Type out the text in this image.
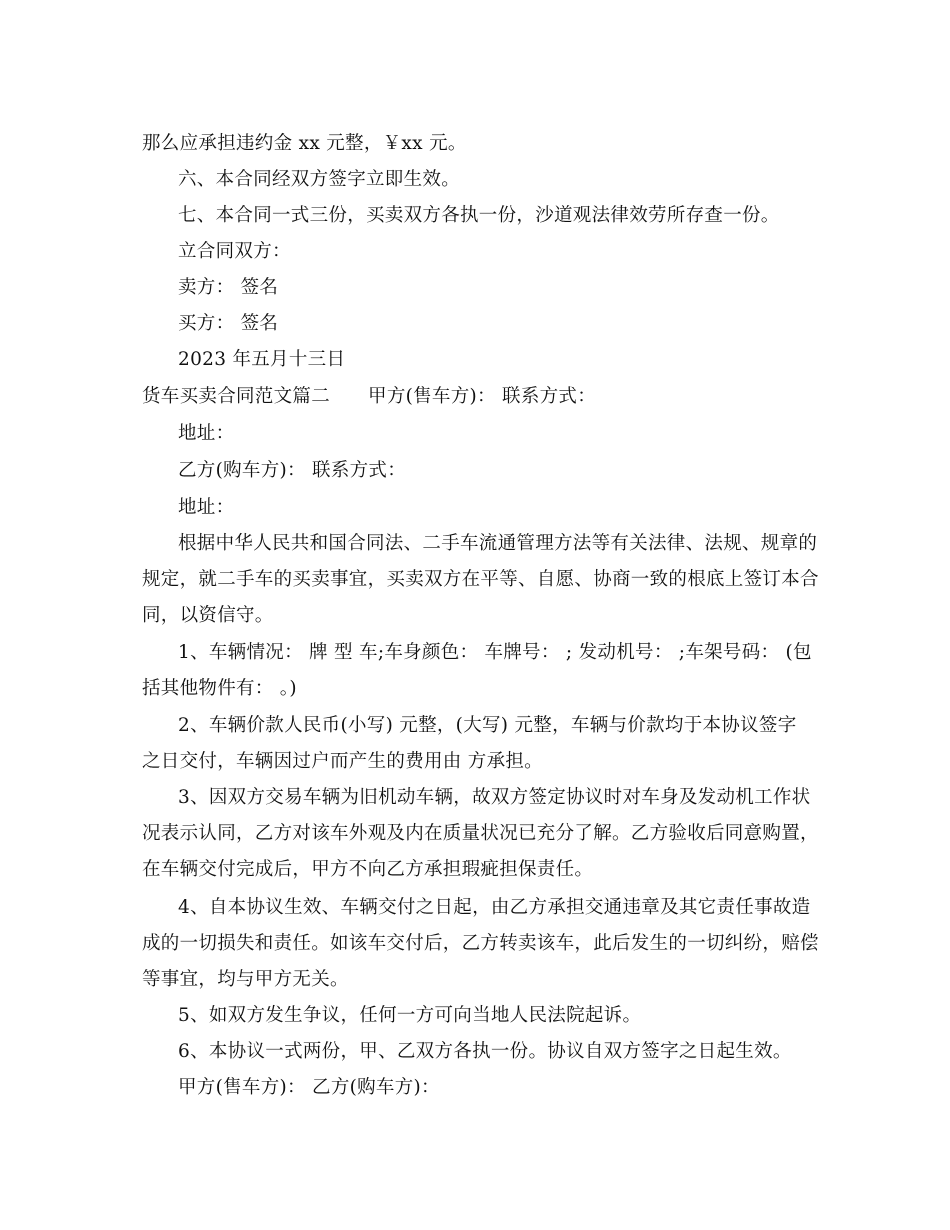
那么应承担违约金 xx 元整，￥xx 元。
六、本合同经双方签字立即生效。
七、本合同一式三份，买卖双方各执一份，沙道观法律效劳所存查一份。
立合同双方：
卖方： 签名
买方： 签名
2023 年五月十三日
货车买卖合同范文篇二 甲方(售车方)： 联系方式：
地址：
乙方(购车方)： 联系方式：
地址：
根据中华人民共和国合同法、二手车流通管理方法等有关法律、法规、规章的
规定，就二手车的买卖事宜，买卖双方在平等、自愿、协商一致的根底上签订本合
同，以资信守。
1、车辆情况： 牌 型 车;车身颜色： 车牌号： ; 发动机号： ;车架号码： (包
括其他物件有： 。)
2、车辆价款人民币(小写) 元整，(大写) 元整，车辆与价款均于本协议签字
之日交付，车辆因过户而产生的费用由 方承担。
3、因双方交易车辆为旧机动车辆，故双方签定协议时对车身及发动机工作状
况表示认同，乙方对该车外观及内在质量状况已充分了解。乙方验收后同意购置，
在车辆交付完成后，甲方不向乙方承担瑕疵担保责任。
4、自本协议生效、车辆交付之日起，由乙方承担交通违章及其它责任事故造
成的一切损失和责任。如该车交付后，乙方转卖该车，此后发生的一切纠纷，赔偿
等事宜，均与甲方无关。
5、如双方发生争议，任何一方可向当地人民法院起诉。
6、本协议一式两份，甲、乙双方各执一份。协议自双方签字之日起生效。
甲方(售车方)： 乙方(购车方)：
